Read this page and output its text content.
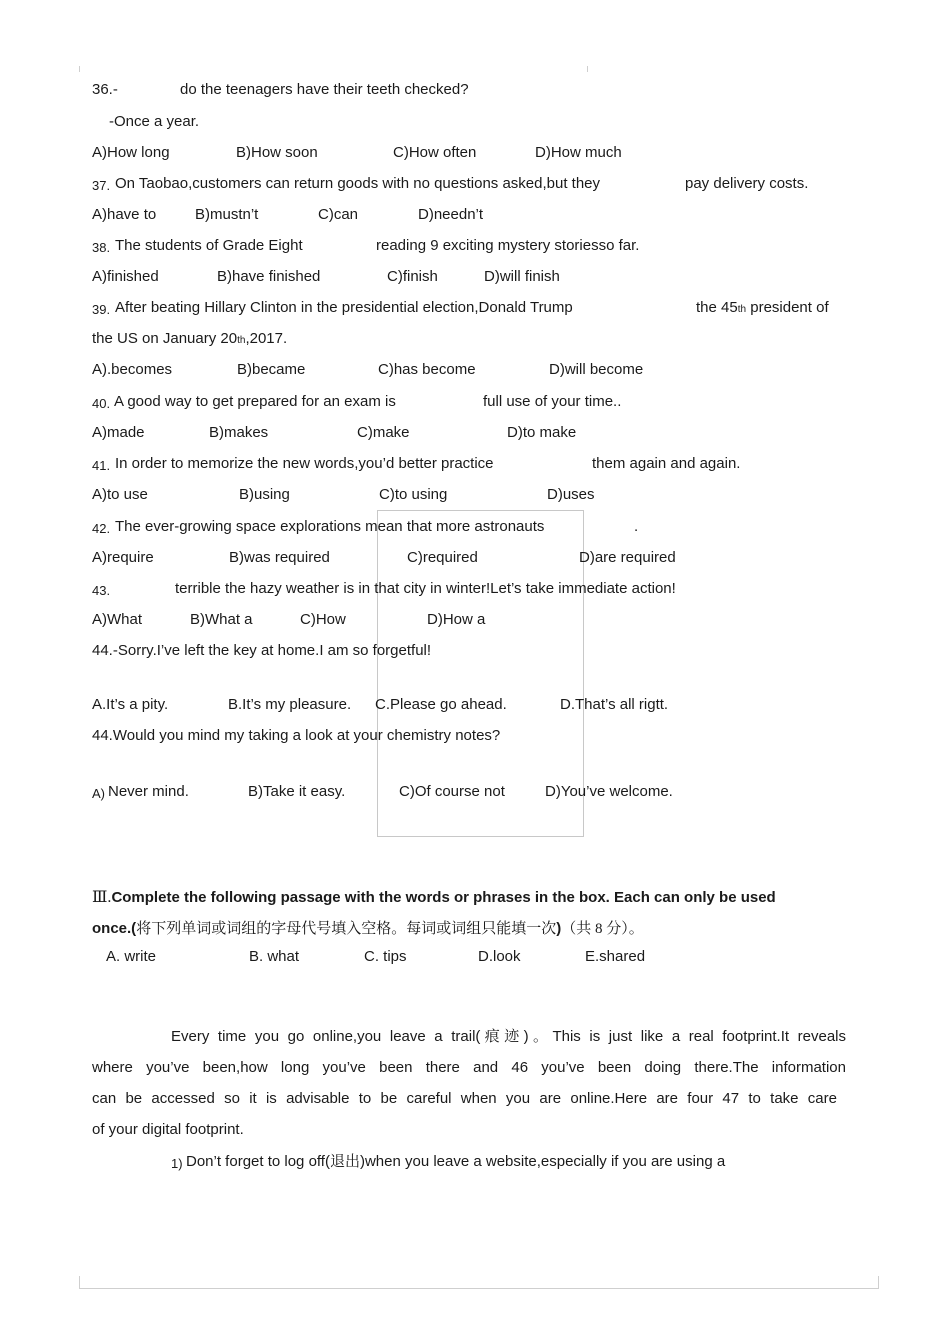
36.-	do the teenagers have their teeth checked?
-Once a year.
A)How long	B)How soon	C)How often	D)How much
37. On Taobao,customers can return goods with no questions asked,but they	pay delivery costs.
A)have to	B)mustn’t	C)can	D)needn’t
38. The students of Grade Eight	reading 9 exciting mystery storiesso far.
A)finished	B)have finished	C)finish	D)will finish
39. After beating Hillary Clinton in the presidential election,Donald Trump	the 45th president of
the US on January 20th,2017.
A).becomes	B)became	C)has become	D)will become
40. A good way to get prepared for an exam is	full use of your time..
A)made	B)makes	C)make	D)to make
41. In order to memorize the new words,you’d better practice	them again and again.
A)to use	B)using	C)to using	D)uses
42. The ever-growing space explorations mean that more astronauts	.
A)require	B)was required	C)required	D)are required
43.	terrible the hazy weather is in that city in winter!Let’s take immediate action!
A)What	B)What a	C)How	D)How a
44.-Sorry.I’ve left the key at home.I am so forgetful!
A.It’s a pity.	B.It’s my pleasure. C.Please go ahead.	D.That’s all rigtt.
44.Would you mind my taking a look at your chemistry notes?
A) Never mind.	B)Take it easy.	C)Of course not	D)You’ve welcome.
Ⅲ.Complete the following passage with the words or phrases in the box. Each can only be used
once.(将下列单词或词组的字母代号填入空格。每词或词组只能填一次)（共 8 分）。
A. write	B. what	C. tips	D.look	E.shared
Every time you go online,you leave a trail(痕迹)。This is just like a real footprint.It reveals
where you’ve been,how long you’ve been there and 46 you’ve been doing there.The information
can be accessed so it is advisable to be careful when you are online.Here are four 47 to take care
of your digital footprint.
1) Don’t forget to log off(退出)when you leave a website,especially if you are using a
